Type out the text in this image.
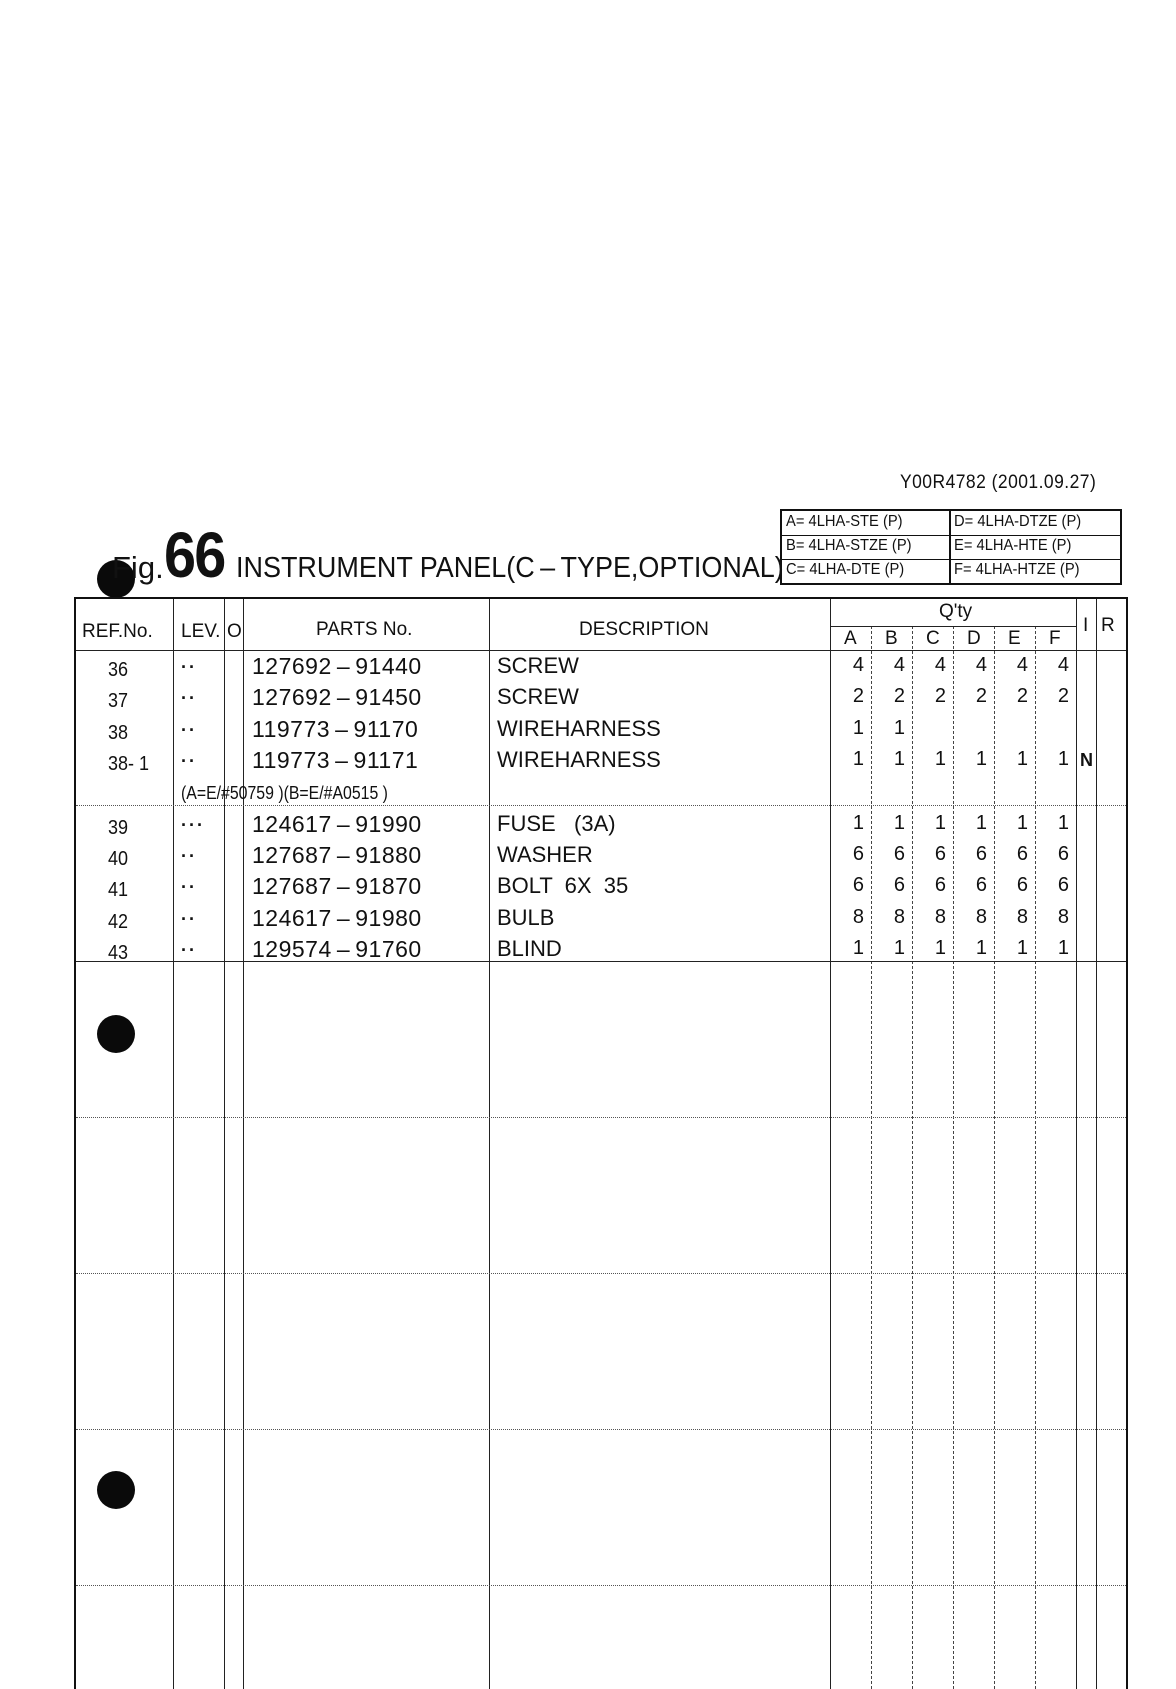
Y00R4782 (2001.09.27)
Fig. 66 INSTRUMENT PANEL(C – TYPE,OPTIONAL)
A= 4LHA-STE (P)	D= 4LHA-DTZE (P)
B= 4LHA-STZE (P)	E= 4LHA-HTE (P)
C= 4LHA-DTE (P)	F= 4LHA-HTZE (P)
REF.No. LEV. O	PARTS No.	DESCRIPTION
Q'ty
A B C D E F
I R
36	·· 127692 – 91440	SCREW	4 4 4 4 4 4
37	·· 127692 – 91450	SCREW	2 2 2 2 2 2
38	·· 119773 – 91170	WIREHARNESS	1 1
38- 1 ·· 119773 – 91171	WIREHARNESS	1 1 1 1 1 1 N
(A=E/#50759 )(B=E/#A0515 )
39	··· 124617 – 91990	FUSE   (3A)	1 1 1 1 1 1
40	·· 127687 – 91880	WASHER	6 6 6 6 6 6
41	·· 127687 – 91870	BOLT  6X  35	6 6 6 6 6 6
42	·· 124617 – 91980	BULB	8 8 8 8 8 8
43	·· 129574 – 91760	BLIND	1 1 1 1 1 1
